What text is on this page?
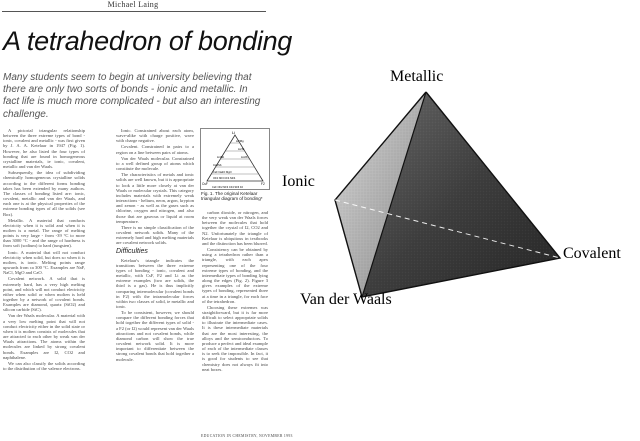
Michael Laing
A tetrahedron of bonding

Many students seem to begin at university believing that there are only two sorts of bonds - ionic and metallic. In fact life is much more complicated - but also an interesting challenge.

A pictorial triangular relationship between the three extreme types of bond - ionic, covalent and metallic - was first given by J. A. A. Ketelaar in 1947 (Fig. 1). However, he also listed the four types of bonding that are found in homogeneous crystalline materials, ie ionic, covalent, metallic and van der Waals.

Subsequently, the idea of subdividing chemically homogeneous crystalline solids according to the different forms bonding takes has been extended by many authors. The classes of bonding listed are: ionic, covalent, metallic and van der Waals, and each one is at the physical properties of the extreme bonding types of all the solids (see Box).

Metallic. A material that conducts electricity when it is solid and when it is molten is a metal. The range of melting points is very large - from -39 °C to more than 3000 °C - and the range of hardness is from soft (sodium) to hard (tungsten).

Ionic. A material that will not conduct electricity when solid, but does so when it is molten, is ionic. Melting points range upwards from ca 300 °C. Examples are NaF, NaCl, MgO and CaO.

Covalent network. A solid that is extremely hard, has a very high melting point, and which will not conduct electricity either when solid or when molten is held together by a network of covalent bonds. Examples are diamond, quartz (SiO2) and silicon carbide (SiC).

Van der Waals molecular. A material with a very low melting point that will not conduct electricity either in the solid state or when it is molten consists of molecules that are attracted to each other by weak van der Waals attractions. The atoms within the molecules are linked by strong covalent bonds. Examples are I2, CO2 and naphthalene.

We can also classify the solids according to the distribution of the valence electrons.

Ionic. Constrained about each atom, wave-alike with charge positive, wave with charge negative.

Covalent. Constrained in pairs to a region on a line between pairs of atoms.

Van der Waals molecular. Constrained to a well defined group of atoms which constitute the molecule.

The characteristics of metals and ionic solids are well known, but it is appropriate to look a little more closely at van der Waals or molecular crystals. This category includes materials with extremely weak interactions - helium, neon, argon, krypton and xenon - as well as the gases such as chlorine, oxygen and nitrogen, and also those that are gaseous or liquid at room temperature.

There is no simple classification of the covalent network solids. Many of the extremely hard and high melting materials are covalent network solids.

Difficulties

Ketelaar's triangle indicates the transitions between the three extreme types of bonding - ionic, covalent and metallic, with CsF, F2 and Li as the extreme examples (two are solids, the third is a gas). He is thus implicitly comparing intermolecular (covalent bonds in F2) with the intramolecular forces within two classes of solid, ie metallic and ionic.

To be consistent, however, we should compare the different bonding forces that hold together the different types of solid - a F2 (or I2) would represent van der Waals attractions and not covalent bonds, while diamond carbon will show the true covalent network solid. It is more important to differentiate between the strong covalent bonds that hold together a molecule.

Li
Li2Mg
Li2Si
LiAlS
Li4Sb
Cs3Sb
CsF Na2O MgO
OF2 NF3 CF4 SiF4
CsF	F2
CsF OF2 NF3 CF4 SF6 F2

Fig. 1. The original Ketelaar triangular diagram of bonding*

carbon dioxide, or nitrogen, and the very weak van der Waals forces between the molecules that hold together the crystal of I2, CO2 and N2. Unfortunately the triangle of Ketelaar is ubiquitous in textbooks and the distinction has been blurred.

Consistency can be obtained by using a tetrahedron rather than a triangle, with each apex representing one of the four extreme types of bonding, and the intermediate types of bonding lying along the edges (Fig. 2). Figure 3 gives examples of the extreme types of bonding, represented three at a time in a triangle, for each face of the tetrahedron.

Choosing these extremes was straightforward, but it is far more difficult to select appropriate solids to illustrate the intermediate cases. It is these intermediate materials that are the most interesting, the alloys and the semiconductors. To produce a perfect and ideal example of each of the intermediate classes is to seek the impossible. In fact, it is good for students to see that chemistry does not always fit into neat boxes.

EDUCATION IN CHEMISTRY, NOVEMBER 1993
Metallic
Ionic
Covalent
Van der Waals
